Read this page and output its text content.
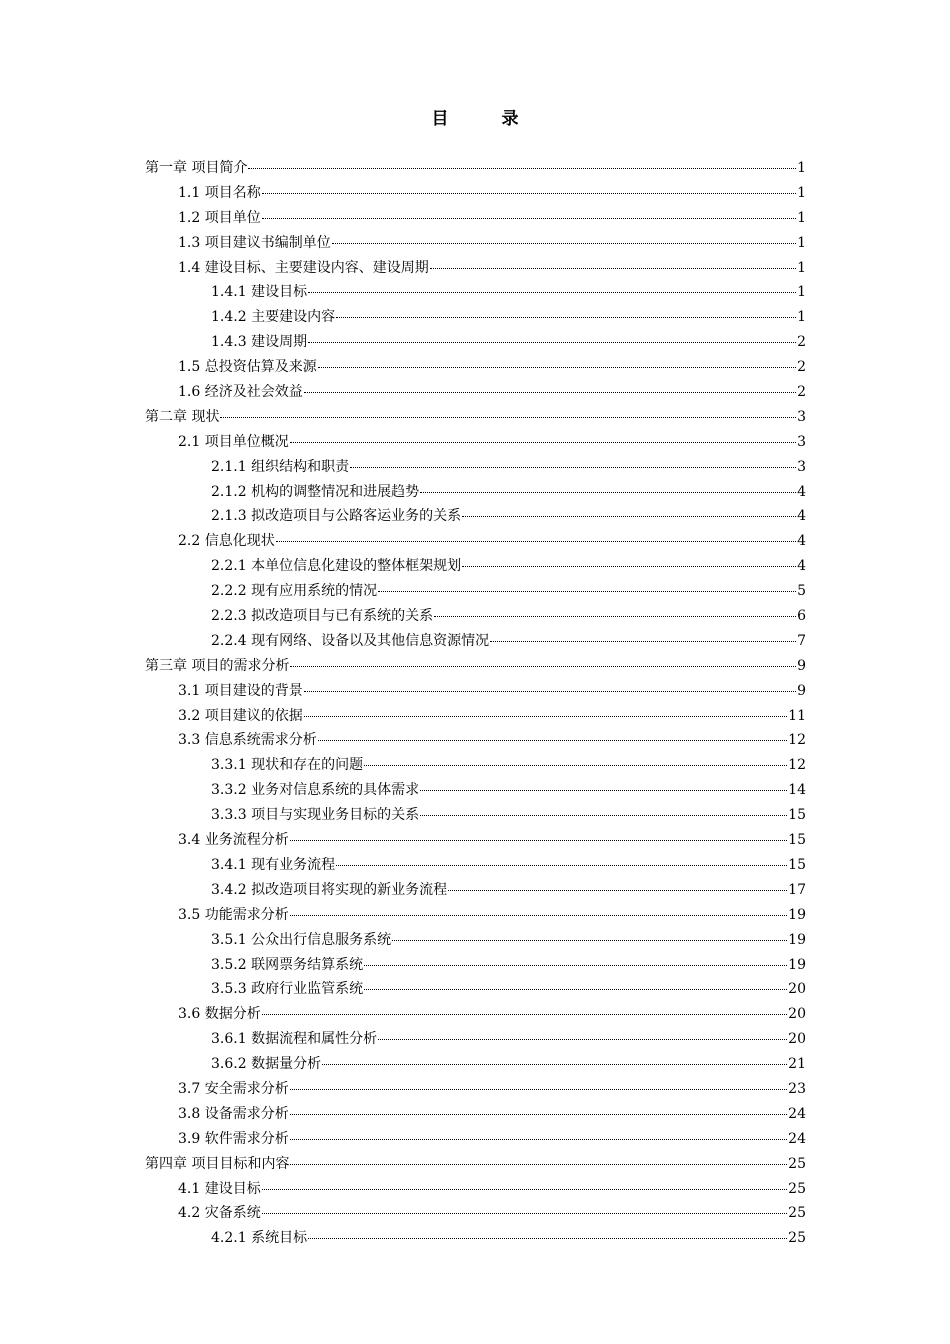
目　录
第一章 项目简介	1
1.1 项目名称	1
1.2 项目单位	1
1.3 项目建议书编制单位	1
1.4 建设目标、主要建设内容、建设周期	1
1.4.1 建设目标	1
1.4.2 主要建设内容	1
1.4.3 建设周期	2
1.5 总投资估算及来源	2
1.6 经济及社会效益	2
第二章 现状	3
2.1 项目单位概况	3
2.1.1 组织结构和职责	3
2.1.2 机构的调整情况和进展趋势	4
2.1.3 拟改造项目与公路客运业务的关系	4
2.2 信息化现状	4
2.2.1 本单位信息化建设的整体框架规划	4
2.2.2 现有应用系统的情况	5
2.2.3 拟改造项目与已有系统的关系	6
2.2.4 现有网络、设备以及其他信息资源情况	7
第三章 项目的需求分析	9
3.1 项目建设的背景	9
3.2 项目建议的依据	11
3.3 信息系统需求分析	12
3.3.1 现状和存在的问题	12
3.3.2 业务对信息系统的具体需求	14
3.3.3 项目与实现业务目标的关系	15
3.4 业务流程分析	15
3.4.1 现有业务流程	15
3.4.2 拟改造项目将实现的新业务流程	17
3.5 功能需求分析	19
3.5.1 公众出行信息服务系统	19
3.5.2 联网票务结算系统	19
3.5.3 政府行业监管系统	20
3.6 数据分析	20
3.6.1 数据流程和属性分析	20
3.6.2 数据量分析	21
3.7 安全需求分析	23
3.8 设备需求分析	24
3.9 软件需求分析	24
第四章 项目目标和内容	25
4.1 建设目标	25
4.2 灾备系统	25
4.2.1 系统目标	25
